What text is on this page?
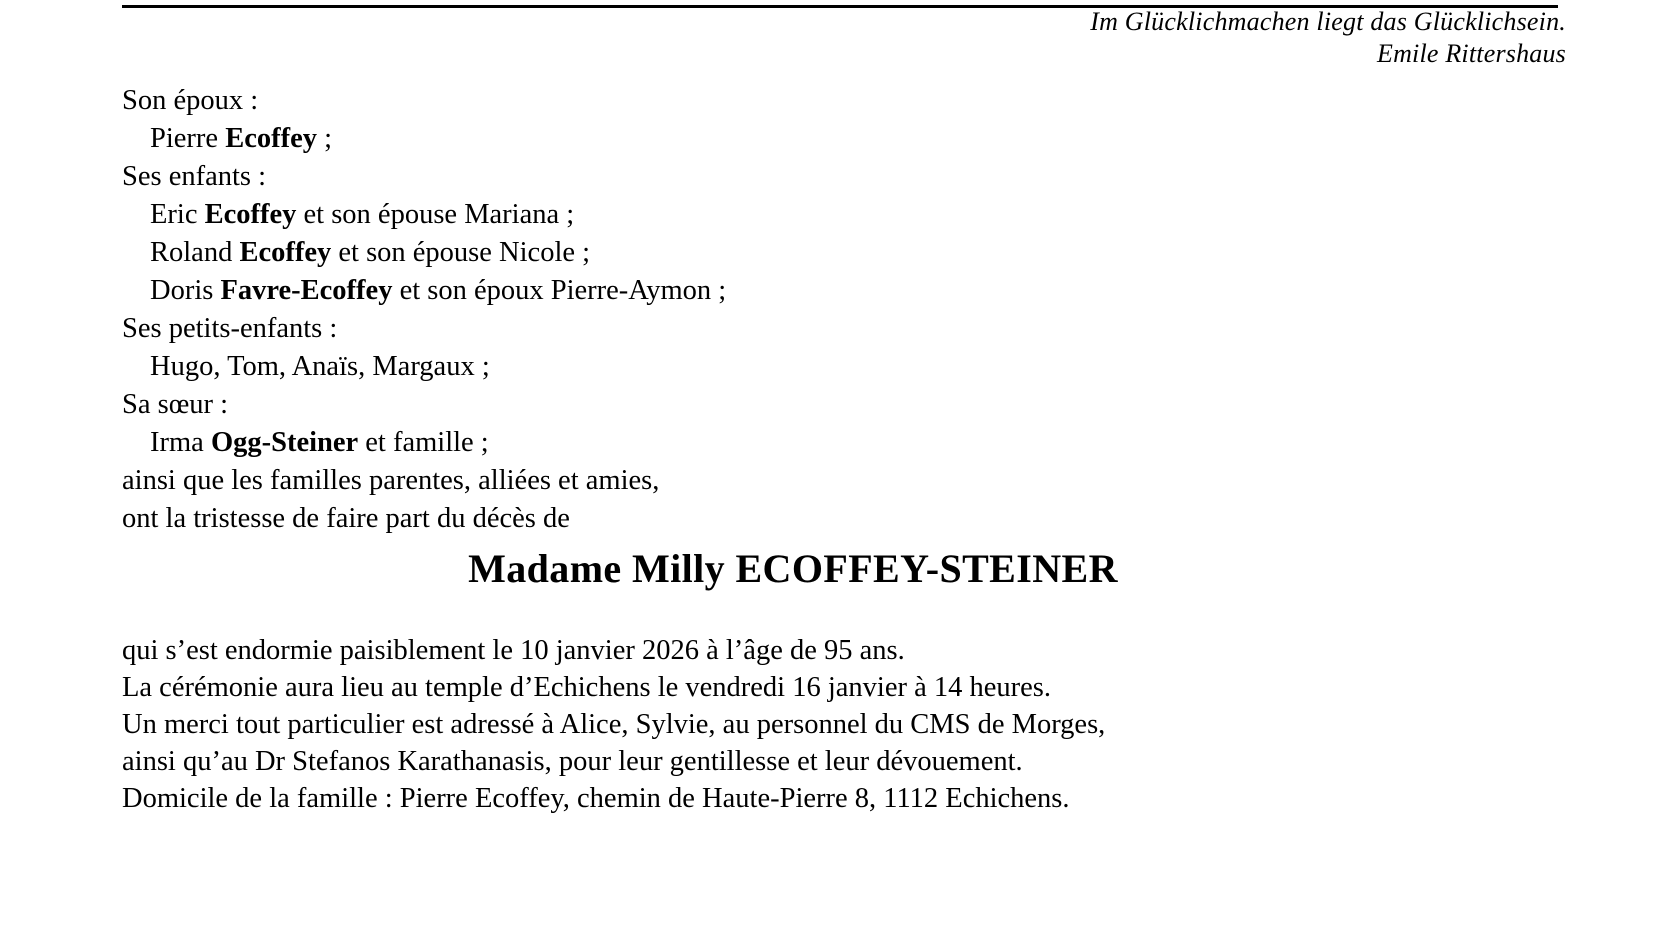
Im Glücklichmachen liegt das Glücklichsein.
Emile Rittershaus
Son époux :
Pierre Ecoffey ;
Ses enfants :
Eric Ecoffey et son épouse Mariana ;
Roland Ecoffey et son épouse Nicole ;
Doris Favre-Ecoffey et son époux Pierre-Aymon ;
Ses petits-enfants :
Hugo, Tom, Anaïs, Margaux ;
Sa sœur :
Irma Ogg-Steiner et famille ;
ainsi que les familles parentes, alliées et amies,
ont la tristesse de faire part du décès de
Madame Milly ECOFFEY-STEINER
qui s’est endormie paisiblement le 10 janvier 2026 à l’âge de 95 ans.
La cérémonie aura lieu au temple d’Echichens le vendredi 16 janvier à 14 heures.
Un merci tout particulier est adressé à Alice, Sylvie, au personnel du CMS de Morges,
ainsi qu’au Dr Stefanos Karathanasis, pour leur gentillesse et leur dévouement.
Domicile de la famille : Pierre Ecoffey, chemin de Haute-Pierre 8, 1112 Echichens.
